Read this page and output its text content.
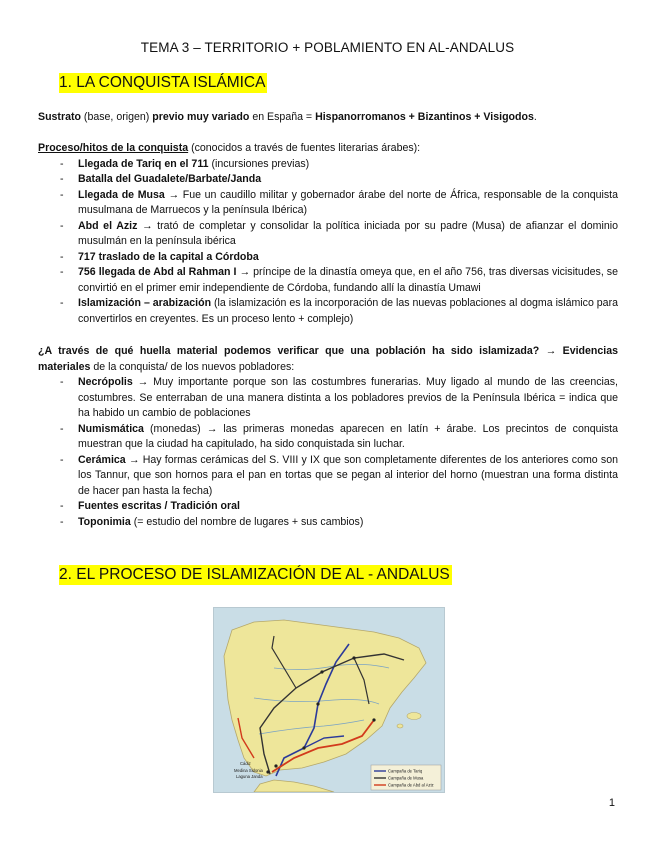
TEMA 3 – TERRITORIO + POBLAMIENTO EN AL-ANDALUS
1. LA CONQUISTA ISLÁMICA
Sustrato (base, origen) previo muy variado en España = Hispanorromanos + Bizantinos + Visigodos.
Proceso/hitos de la conquista (conocidos a través de fuentes literarias árabes):
- Llegada de Tariq en el 711 (incursiones previas)
- Batalla del Guadalete/Barbate/Janda
- Llegada de Musa → Fue un caudillo militar y gobernador árabe del norte de África, responsable de la conquista musulmana de Marruecos y la península Ibérica)
- Abd el Aziz → trató de completar y consolidar la política iniciada por su padre (Musa) de afianzar el dominio musulmán en la península ibérica
- 717 traslado de la capital a Córdoba
- 756 llegada de Abd al Rahman I → príncipe de la dinastía omeya que, en el año 756, tras diversas vicisitudes, se convirtió en el primer emir independiente de Córdoba, fundando allí la dinastía Umawi
- Islamización – arabización (la islamización es la incorporación de las nuevas poblaciones al dogma islámico para convertirlos en creyentes. Es un proceso lento + complejo)
¿A través de qué huella material podemos verificar que una población ha sido islamizada? → Evidencias materiales de la conquista/ de los nuevos pobladores:
- Necrópolis → Muy importante porque son las costumbres funerarias. Muy ligado al mundo de las creencias, costumbres. Se enterraban de una manera distinta a los pobladores previos de la Península Ibérica = indica que ha habido un cambio de poblaciones
- Numismática (monedas) → las primeras monedas aparecen en latín + árabe. Los precintos de conquista muestran que la ciudad ha capitulado, ha sido conquistada sin luchar.
- Cerámica → Hay formas cerámicas del S. VIII y IX que son completamente diferentes de los anteriores como son los Tannur, que son hornos para el pan en tortas que se pegan al interior del horno (muestran una forma distinta de hacer pan hasta la fecha)
- Fuentes escritas / Tradición oral
- Toponimia (= estudio del nombre de lugares + sus cambios)
2. EL PROCESO DE ISLAMIZACIÓN DE AL - ANDALUS
Medina Sidonia
Laguna Janda
Cádiz
Campaña de Tariq
Campaña de Musa
Campaña de Abd al Aziz
1
